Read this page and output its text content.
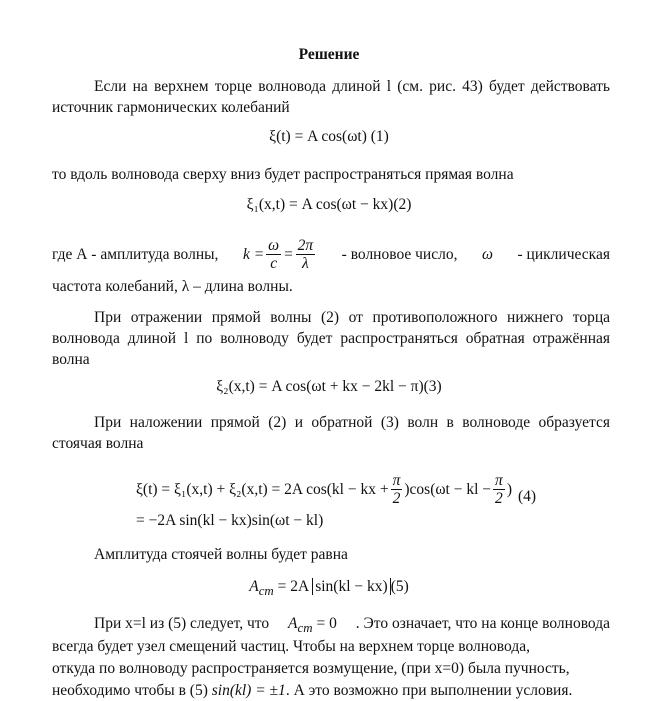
Решение
Если на верхнем торце волновода длиной l (см. рис. 43) будет действовать источник гармонических колебаний
ξ(t) = A cos(ωt) (1)
то вдоль волновода сверху вниз будет распространяться прямая волна
ξ₁(x,t) = A cos(ωt − kx)(2)
где А - амплитуда волны, $k = \frac{\omega}{c} = \frac{2\pi}{\lambda}$ - волновое число, ω - циклическая
частота колебаний, λ – длина волны.
При отражении прямой волны (2) от противоположного нижнего торца волновода длиной l по волноводу будет распространяться обратная отражённая волна
ξ₂(x,t) = A cos(ωt + kx − 2kl − π)(3)
При наложении прямой (2) и обратной (3) волн в волноводе образуется стоячая волна
ξ(t) = ξ₁(x,t) + ξ₂(x,t) = 2A cos(kl − kx + $\frac{\pi}{2} )\cos(\omega t$ − kl − $\frac{\pi}{2}$ ) (4)
= −2A sin(kl − kx)sin(ωt − kl)
Амплитуда стоячей волны будет равна
$A_{ст} = 2A$ sin(kl − kx) (5)
При x=l из (5) следует, что $A_{ст} = 0$ . Это означает, что на конце волновода
всегда будет узел смещений частиц. Чтобы на верхнем торце волновода,
откуда по волноводу распространяется возмущение, (при x=0) была пучность,
необходимо чтобы в (5) sin(kl) = ±1. А это возможно при выполнении условия.
